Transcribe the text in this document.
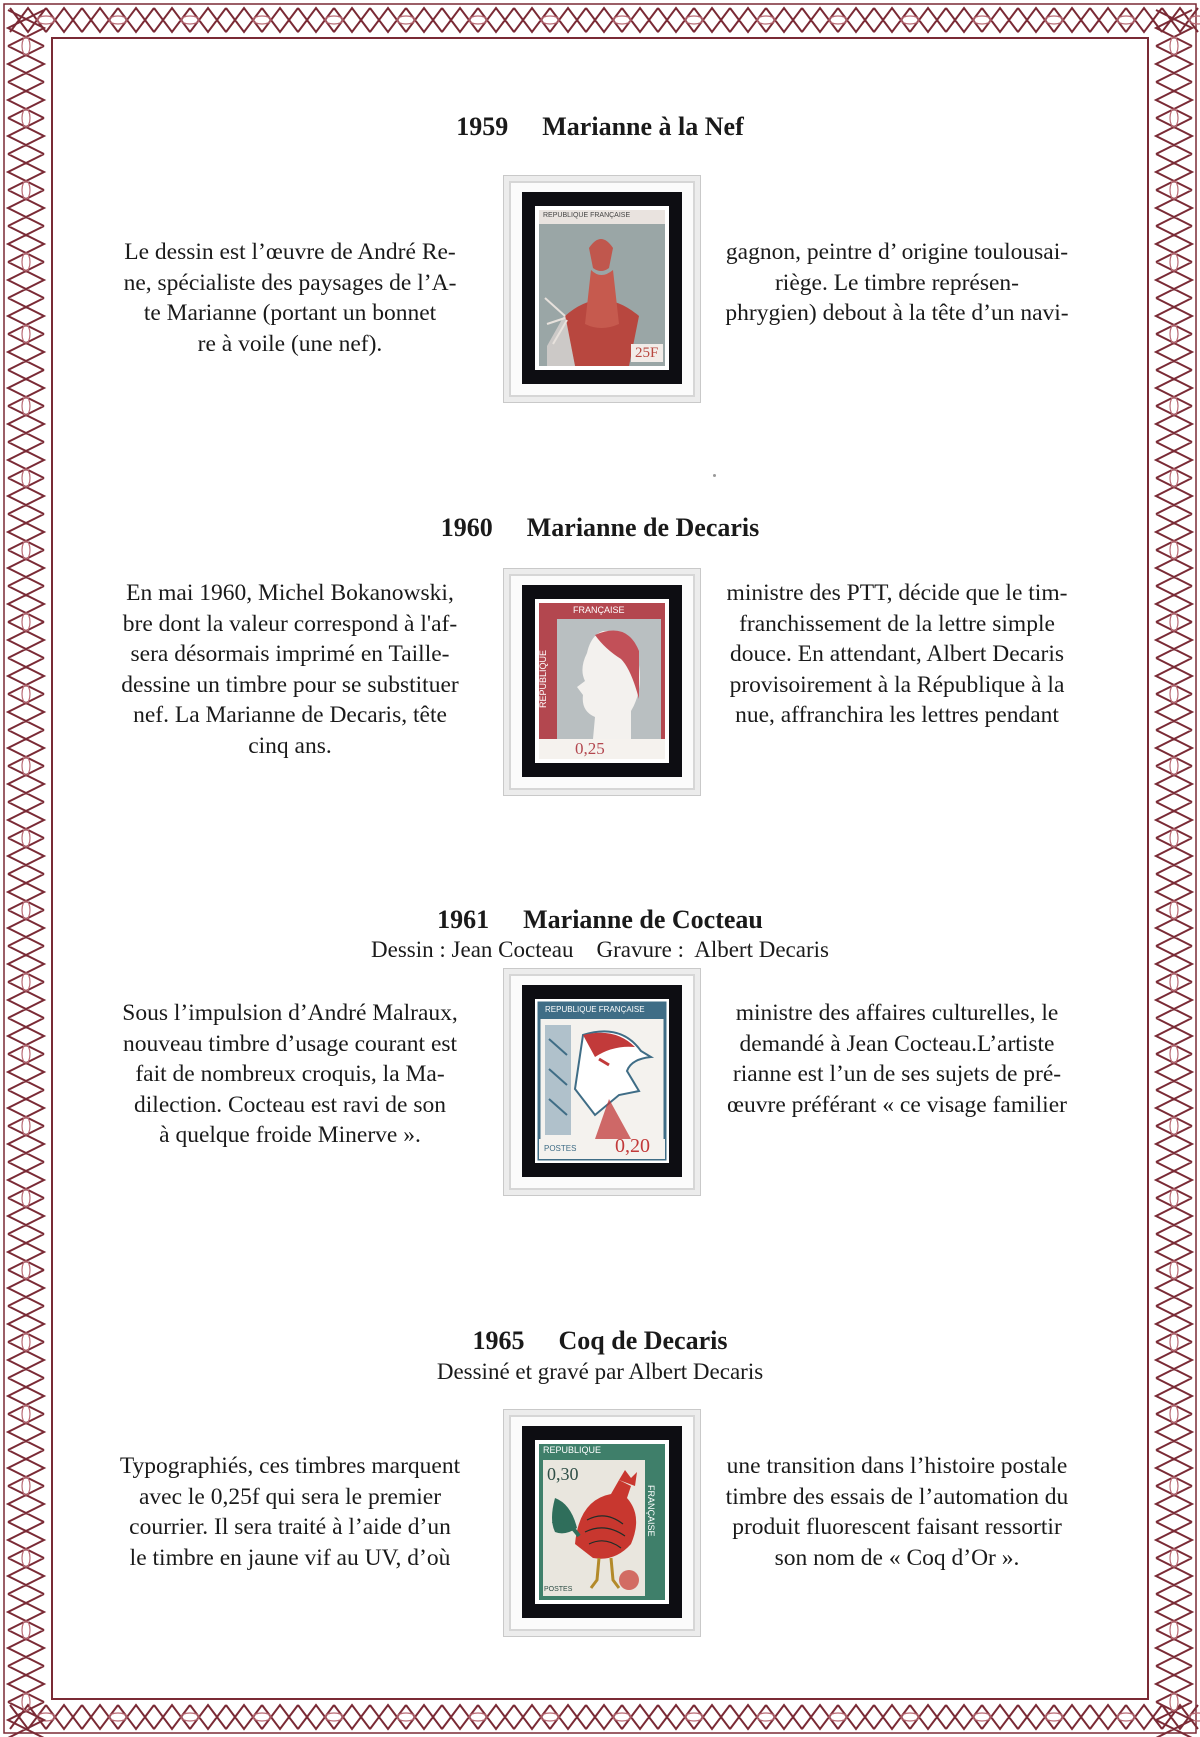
1959 Marianne à la Nef
Le dessin est l’œuvre de André Re-
ne, spécialiste des paysages de l’A-
te Marianne (portant un bonnet
re à voile (une nef).
gagnon, peintre d’ origine toulousai-
riège. Le timbre représen-
phrygien) debout à la tête d’un navi-
REPUBLIQUE FRANÇAISE
25F
1960 Marianne de Decaris
En mai 1960, Michel Bokanowski,
bre dont la valeur correspond à l'af-
sera désormais imprimé en Taille-
dessine un timbre pour se substituer
nef. La Marianne de Decaris, tête
cinq ans.
ministre des PTT, décide que le tim-
franchissement de la lettre simple
douce. En attendant, Albert Decaris
provisoirement à la République à la
nue, affranchira les lettres pendant
FRANÇAISE
REPUBLIQUE
0,25
1961 Marianne de Cocteau
Dessin : Jean Cocteau    Gravure :  Albert Decaris
Sous l’impulsion d’André Malraux,
nouveau timbre d’usage courant est
fait de nombreux croquis, la Ma-
dilection. Cocteau est ravi de son
à quelque froide Minerve ».
ministre des affaires culturelles, le
demandé à Jean Cocteau.L’artiste
rianne est l’un de ses sujets de pré-
œuvre préférant « ce visage familier
REPUBLIQUE FRANÇAISE
POSTES 0,20
1965 Coq de Decaris
Dessiné et gravé par Albert Decaris
Typographiés, ces timbres marquent
avec le 0,25f qui sera le premier
courrier. Il sera traité à l’aide d’un
le timbre en jaune vif au UV, d’où
une transition dans l’histoire postale
timbre des essais de l’automation du
produit fluorescent faisant ressortir
son nom de « Coq d’Or ».
REPUBLIQUE
FRANÇAISE
0,30
POSTES
